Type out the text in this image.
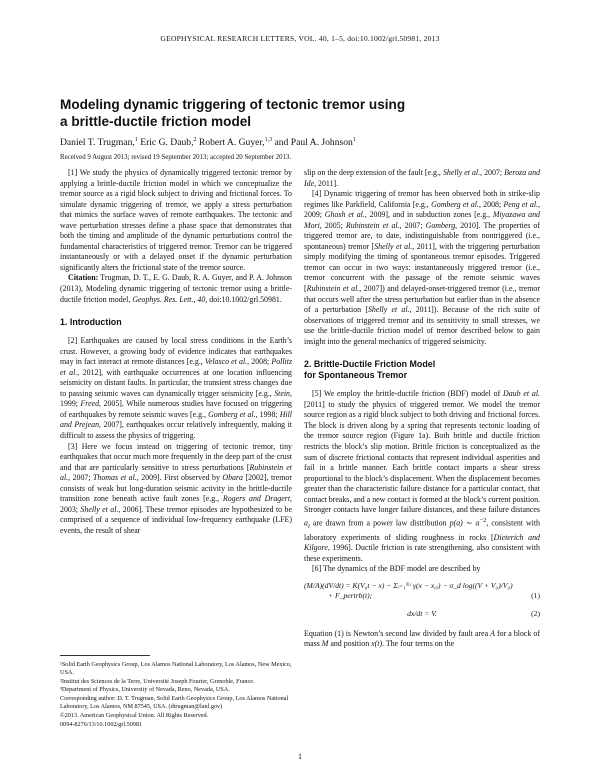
GEOPHYSICAL RESEARCH LETTERS, VOL. 40, 1–5, doi:10.1002/grl.50981, 2013
Modeling dynamic triggering of tectonic tremor using
a brittle-ductile friction model
Daniel T. Trugman,$^1$ Eric G. Daub,$^2$ Robert A. Guyer,$^{1,3}$ and Paul A. Johnson$^1$
Received 9 August 2013; revised 19 September 2013; accepted 20 September 2013.

[1] We study the physics of dynamically triggered tectonic tremor by applying a brittle-ductile friction model in which we conceptualize the tremor source as a rigid block subject to driving and frictional forces. To simulate dynamic triggering of tremor, we apply a stress perturbation that mimics the surface waves of remote earthquakes. The tectonic and wave perturbation stresses define a phase space that demonstrates that both the timing and amplitude of the dynamic perturbations control the fundamental characteristics of triggered tremor. Tremor can be triggered instantaneously or with a delayed onset if the dynamic perturbation significantly alters the frictional state of the tremor source.

Citation: Trugman, D. T., E. G. Daub, R. A. Guyer, and P. A. Johnson (2013), Modeling dynamic triggering of tectonic tremor using a brittle-ductile friction model, Geophys. Res. Lett., 40, doi:10.1002/grl.50981.

1. Introduction

[2] Earthquakes are caused by local stress conditions in the Earth’s crust. However, a growing body of evidence indicates that earthquakes may in fact interact at remote distances [e.g., Velasco et al., 2008; Pollitz et al., 2012], with earthquake occurrences at one location influencing seismicity on distant faults. In particular, the transient stress changes due to passing seismic waves can dynamically trigger seismicity [e.g., Stein, 1999; Freed, 2005]. While numerous studies have focused on triggering of earthquakes by remote seismic waves [e.g., Gomberg et al., 1998; Hill and Prejean, 2007], earthquakes occur relatively infrequently, making it difficult to assess the physics of triggering.

[3] Here we focus instead on triggering of tectonic tremor, tiny earthquakes that occur much more frequently in the deep part of the crust and that are particularly sensitive to stress perturbations [Rubinstein et al., 2007; Thomas et al., 2009]. First observed by Obara [2002], tremor consists of weak but long-duration seismic activity in the brittle-ductile transition zone beneath active fault zones [e.g., Rogers and Dragert, 2003; Shelly et al., 2006]. These tremor episodes are hypothesized to be comprised of a sequence of individual low-frequency earthquake (LFE) events, the result of shear

¹Solid Earth Geophysics Group, Los Alamos National Laboratory, Los Alamos, New Mexico, USA.

²Institut des Sciences de la Terre, Université Joseph Fourier, Grenoble, France.

³Department of Physics, University of Nevada, Reno, Nevada, USA.

Corresponding author: D. T. Trugman, Solid Earth Geophysics Group, Los Alamos National Laboratory, Los Alamos, NM 87545, USA. (dtrugman@lanl.gov)

©2013. American Geophysical Union. All Rights Reserved.

0094-8276/13/10.1002/grl.50981

slip on the deep extension of the fault [e.g., Shelly et al., 2007; Beroza and Ide, 2011].

[4] Dynamic triggering of tremor has been observed both in strike-slip regimes like Parkfield, California [e.g., Gomberg et al., 2008; Peng et al., 2009; Ghosh et al., 2009], and in subduction zones [e.g., Miyazawa and Mori, 2005; Rubinstein et al., 2007; Gomberg, 2010]. The properties of triggered tremor are, to date, indistinguishable from nontriggered (i.e., spontaneous) tremor [Shelly et al., 2011], with the triggering perturbation simply modifying the timing of spontaneous tremor episodes. Triggered tremor can occur in two ways: instantaneously triggered tremor (i.e., tremor concurrent with the passage of the remote seismic waves [Rubinstein et al., 2007]) and delayed-onset-triggered tremor (i.e., tremor that occurs well after the stress perturbation but earlier than in the absence of a perturbation [Shelly et al., 2011]). Because of the rich suite of observations of triggered tremor and its sensitivity to small stresses, we use the brittle-ductile friction model of tremor described below to gain insight into the general mechanics of triggered seismicity.

2. Brittle-Ductile Friction Model
for Spontaneous Tremor

[5] We employ the brittle-ductile friction (BDF) model of Daub et al. [2011] to study the physics of triggered tremor. We model the tremor source region as a rigid block subject to both driving and frictional forces. The block is driven along by a spring that represents tectonic loading of the tremor source region (Figure 1a). Both brittle and ductile friction restricts the block’s slip motion. Brittle friction is conceptualized as the sum of discrete frictional contacts that represent individual asperities and fail in a brittle manner. Each brittle contact imparts a shear stress proportional to the block’s displacement. When the displacement becomes greater than the characteristic failure distance for a particular contact, that contact breaks, and a new contact is formed at the block’s current position. Stronger contacts have longer failure distances, and these failure distances $a_i$ are drawn from a power law distribution p(a) ∼ $a^{-2}$, consistent with laboratory experiments of sliding roughness in rocks [Dieterich and Kilgore, 1996]. Ductile friction is rate strengthening, also consistent with these experiments.

[6] The dynamics of the BDF model are described by

(M/A)(dV/dt) = K(V₀t − x) − Σᵢ₌₁ᴺᶜ γ(x − x₀ᵢ) − σ_d log((V + V₀)/V₀)
+ F_pertrb(t);	(1)
dx/dt = V.	(2)

Equation (1) is Newton’s second law divided by fault area A for a block of mass M and position x(t). The four terms on the

1
